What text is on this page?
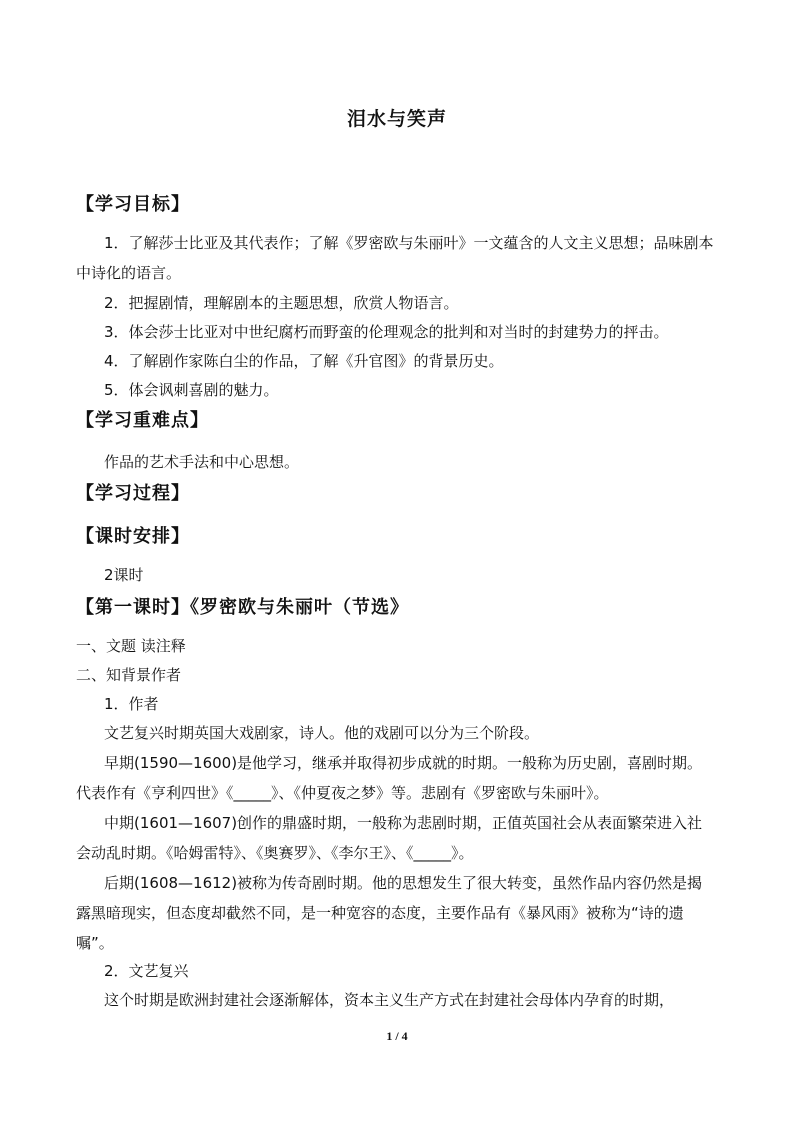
泪水与笑声
【学习目标】
1．了解莎士比亚及其代表作；了解《罗密欧与朱丽叶》一文蕴含的人文主义思想；品味剧本中诗化的语言。
2．把握剧情，理解剧本的主题思想，欣赏人物语言。
3．体会莎士比亚对中世纪腐朽而野蛮的伦理观念的批判和对当时的封建势力的抨击。
4．了解剧作家陈白尘的作品，了解《升官图》的背景历史。
5．体会讽刺喜剧的魅力。
【学习重难点】
作品的艺术手法和中心思想。
【学习过程】
【课时安排】
2课时
【第一课时】《罗密欧与朱丽叶（节选》
一、文题 读注释
二、知背景作者
1．作者
文艺复兴时期英国大戏剧家，诗人。他的戏剧可以分为三个阶段。
早期(1590—1600)是他学习，继承并取得初步成就的时期。一般称为历史剧，喜剧时期。代表作有《亨利四世》《_____》、《仲夏夜之梦》等。悲剧有《罗密欧与朱丽叶》。
中期(1601—1607)创作的鼎盛时期，一般称为悲剧时期，正值英国社会从表面繁荣进入社会动乱时期。《哈姆雷特》、《奥赛罗》、《李尔王》、《_____》。
后期(1608—1612)被称为传奇剧时期。他的思想发生了很大转变，虽然作品内容仍然是揭露黑暗现实，但态度却截然不同，是一种宽容的态度，主要作品有《暴风雨》被称为“诗的遗嘱”。
2．文艺复兴
这个时期是欧洲封建社会逐渐解体，资本主义生产方式在封建社会母体内孕育的时期，
1 / 4
